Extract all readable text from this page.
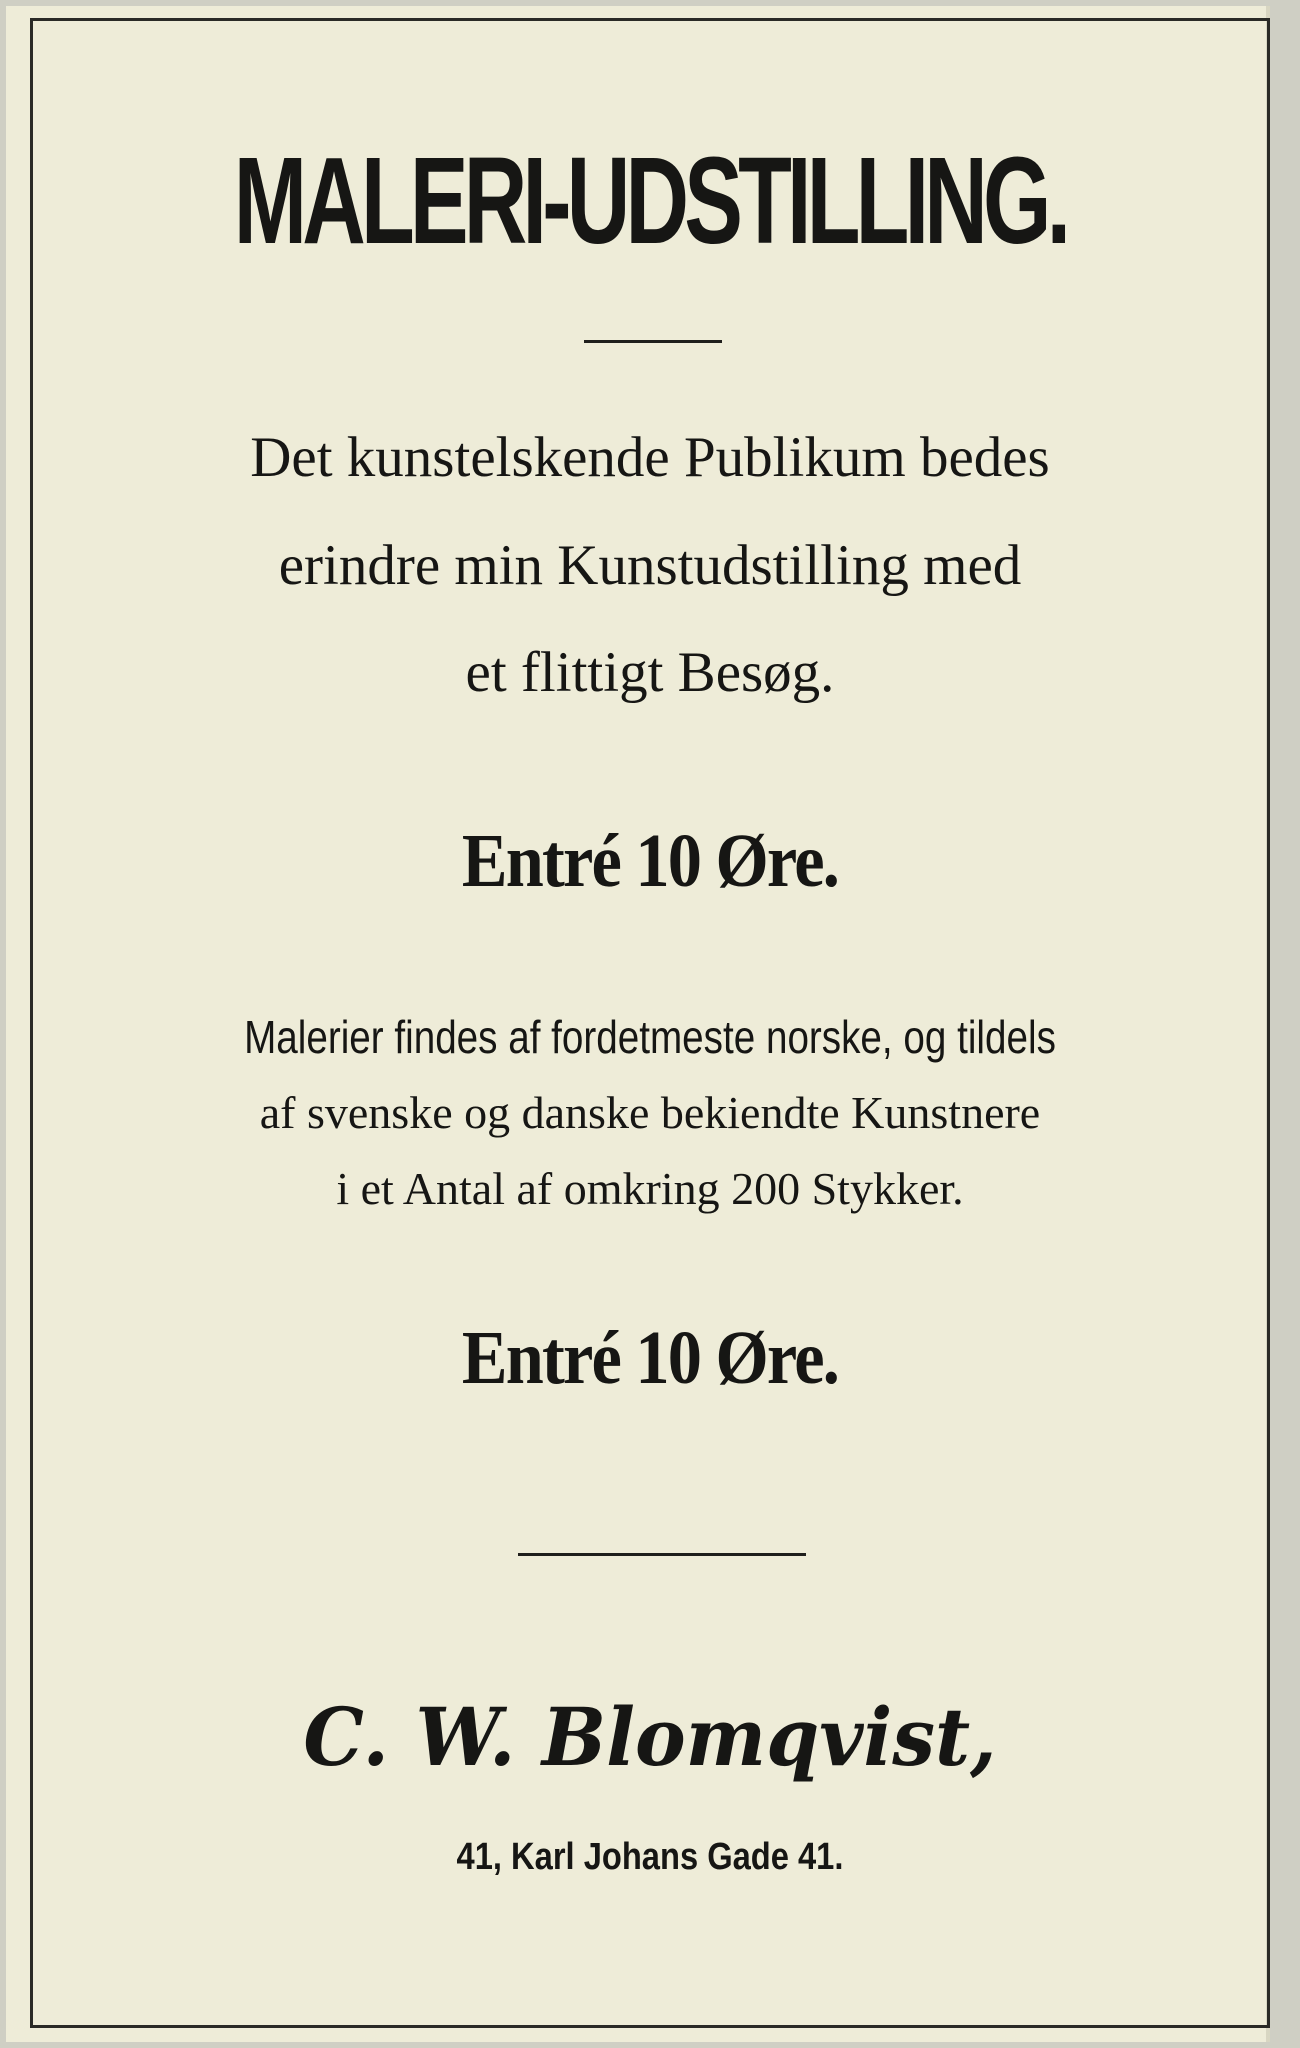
MALERI-UDSTILLING.
Det kunstelskende Publikum bedes
erindre min Kunstudstilling med
et flittigt Besøg.
Entré 10 Øre.
Malerier findes af fordetmeste norske, og tildels
af svenske og danske bekiendte Kunstnere
i et Antal af omkring 200 Stykker.
Entré 10 Øre.
C. W. Blomqvist,
41, Karl Johans Gade 41.
